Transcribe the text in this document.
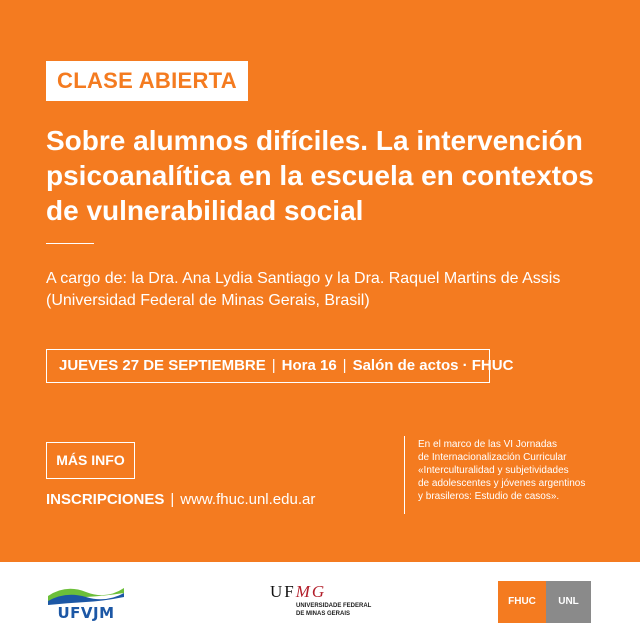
CLASE ABIERTA
Sobre alumnos difíciles. La intervención psicoanalítica en la escuela en contextos de vulnerabilidad social
A cargo de: la Dra. Ana Lydia Santiago y la Dra. Raquel Martins de Assis
(Universidad Federal de Minas Gerais, Brasil)
JUEVES 27 DE SEPTIEMBRE | Hora 16 | Salón de actos · FHUC
MÁS INFO
INSCRIPCIONES | www.fhuc.unl.edu.ar
En el marco de las VI Jornadas
de Internacionalización Curricular
«Interculturalidad y subjetividades
de adolescentes y jóvenes argentinos
y brasileros: Estudio de casos».
UFVJM
UFMG
UNIVERSIDADE FEDERAL
DE MINAS GERAIS
FHUC	UNL
